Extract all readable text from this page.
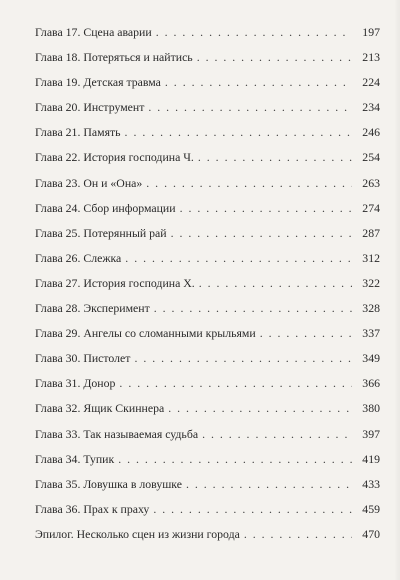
Глава 17. Сцена аварии . . .	197
Глава 18. Потеряться и найтись . . .	213
Глава 19. Детская травма . . .	224
Глава 20. Инструмент . . .	234
Глава 21. Память . . .	246
Глава 22. История господина Ч. . . .	254
Глава 23. Он и «Она» . . .	263
Глава 24. Сбор информации . . .	274
Глава 25. Потерянный рай . . .	287
Глава 26. Слежка . . .	312
Глава 27. История господина Х. . . .	322
Глава 28. Эксперимент . . .	328
Глава 29. Ангелы со сломанными крыльями . . .	337
Глава 30. Пистолет . . .	349
Глава 31. Донор . . .	366
Глава 32. Ящик Скиннера . . .	380
Глава 33. Так называемая судьба . . .	397
Глава 34. Тупик . . .	419
Глава 35. Ловушка в ловушке . . .	433
Глава 36. Прах к праху . . .	459
Эпилог. Несколько сцен из жизни города . . .	470
